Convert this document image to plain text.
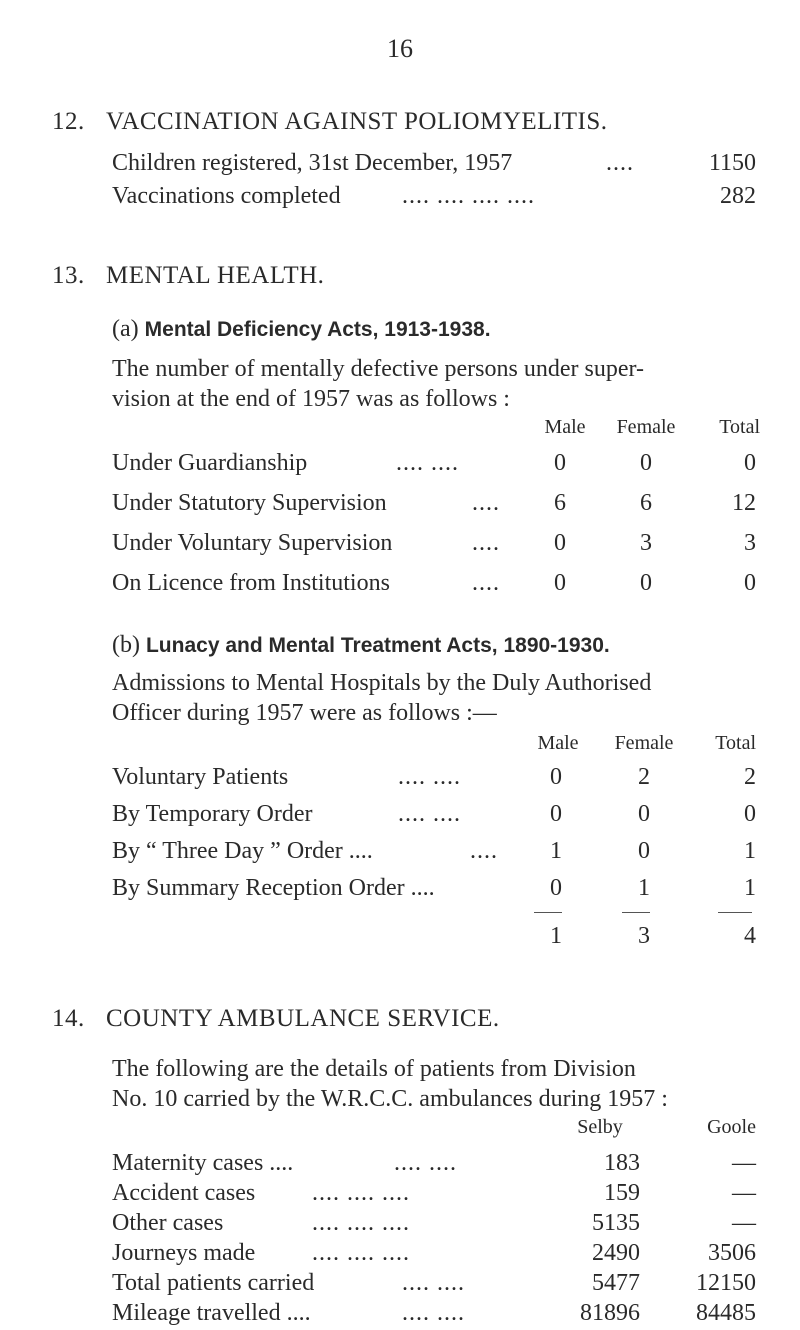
16
12. VACCINATION AGAINST POLIOMYELITIS.
Children registered, 31st December, 1957	....	1150
Vaccinations completed	.... .... .... ....	282
13. MENTAL HEALTH.
(a) Mental Deficiency Acts, 1913-1938.
The number of mentally defective persons under super-
vision at the end of 1957 was as follows :
Male	Female	Total
Under Guardianship	.... ....	0	0	0
Under Statutory Supervision	....	6	6	12
Under Voluntary Supervision	....	0	3	3
On Licence from Institutions	....	0	0	0
(b) Lunacy and Mental Treatment Acts, 1890-1930.
Admissions to Mental Hospitals by the Duly Authorised
Officer during 1957 were as follows :—
Male	Female	Total
Voluntary Patients	.... ....	0	2	2
By Temporary Order	.... ....	0	0	0
By “ Three Day ” Order ....	....	1	0	1
By Summary Reception Order ....	0	1	1
1	3	4
14. COUNTY AMBULANCE SERVICE.
The following are the details of patients from Division
No. 10 carried by the W.R.C.C. ambulances during 1957 :
Selby	Goole
Maternity cases ....	.... ....	183	—
Accident cases .... .... ....	159	—
Other cases	.... .... ....	5135	—
Journeys made .... .... ....	2490	3506
Total patients carried	.... ....	5477	12150
Mileage travelled ....	.... ....	81896	84485
